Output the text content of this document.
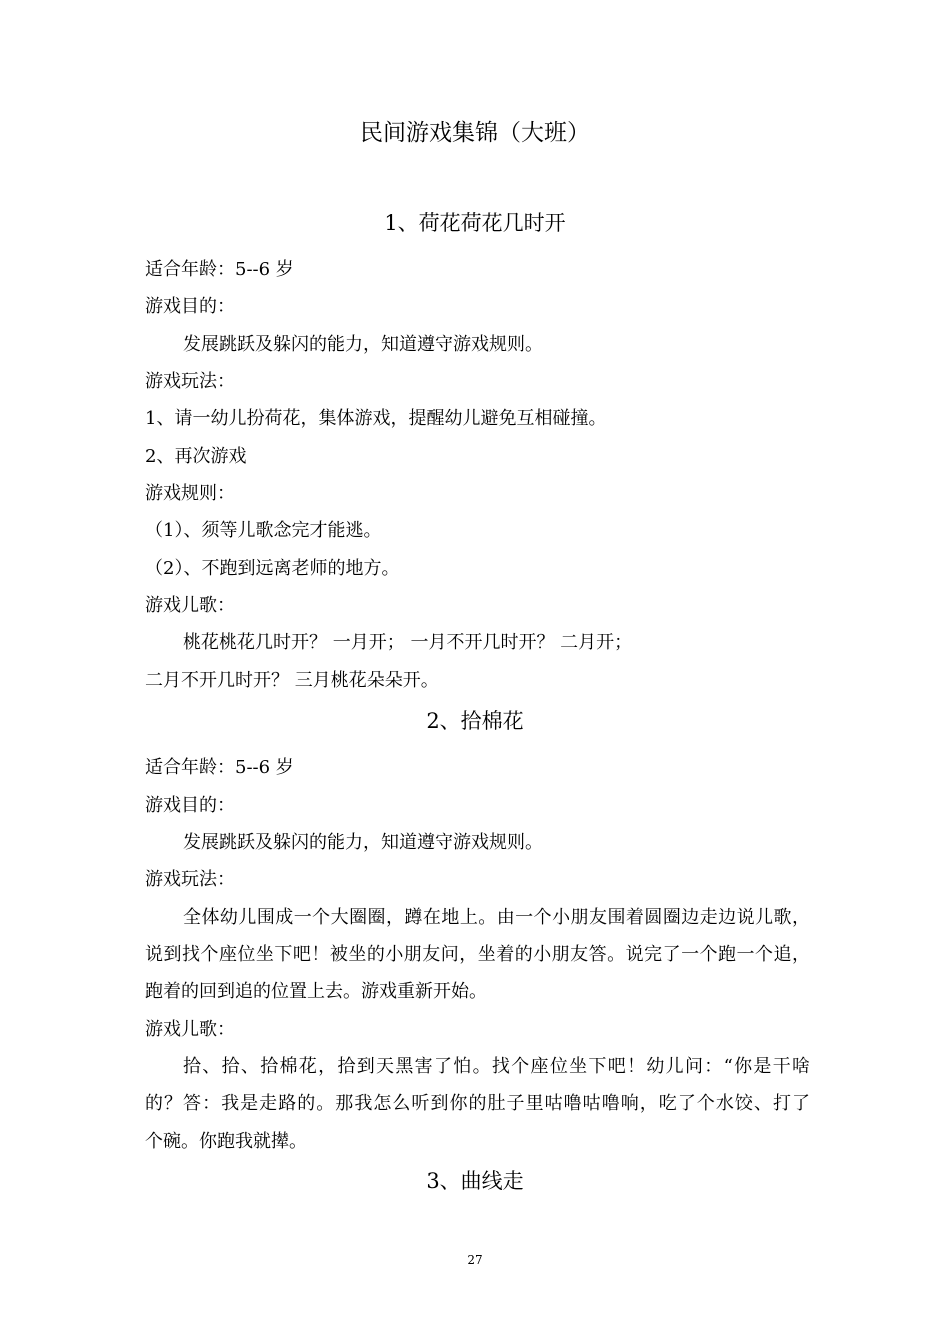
民间游戏集锦（大班）
1、荷花荷花几时开
适合年龄：5--6 岁
游戏目的：
发展跳跃及躲闪的能力，知道遵守游戏规则。
游戏玩法：
1、请一幼儿扮荷花，集体游戏，提醒幼儿避免互相碰撞。
2、再次游戏
游戏规则：
（1）、须等儿歌念完才能逃。
（2）、不跑到远离老师的地方。
游戏儿歌：
桃花桃花几时开？ 一月开； 一月不开几时开？ 二月开；
二月不开几时开？ 三月桃花朵朵开。
2、拾棉花
适合年龄：5--6 岁
游戏目的：
发展跳跃及躲闪的能力，知道遵守游戏规则。
游戏玩法：
全体幼儿围成一个大圈圈，蹲在地上。由一个小朋友围着圆圈边走边说儿歌，
说到找个座位坐下吧！被坐的小朋友问，坐着的小朋友答。说完了一个跑一个追，
跑着的回到追的位置上去。游戏重新开始。
游戏儿歌：
拾、拾、拾棉花，拾到天黑害了怕。找个座位坐下吧！幼儿问：“你是干啥
的？答：我是走路的。那我怎么听到你的肚子里咕噜咕噜响，吃了个水饺、打了
个碗。你跑我就撵。
3、曲线走
27
